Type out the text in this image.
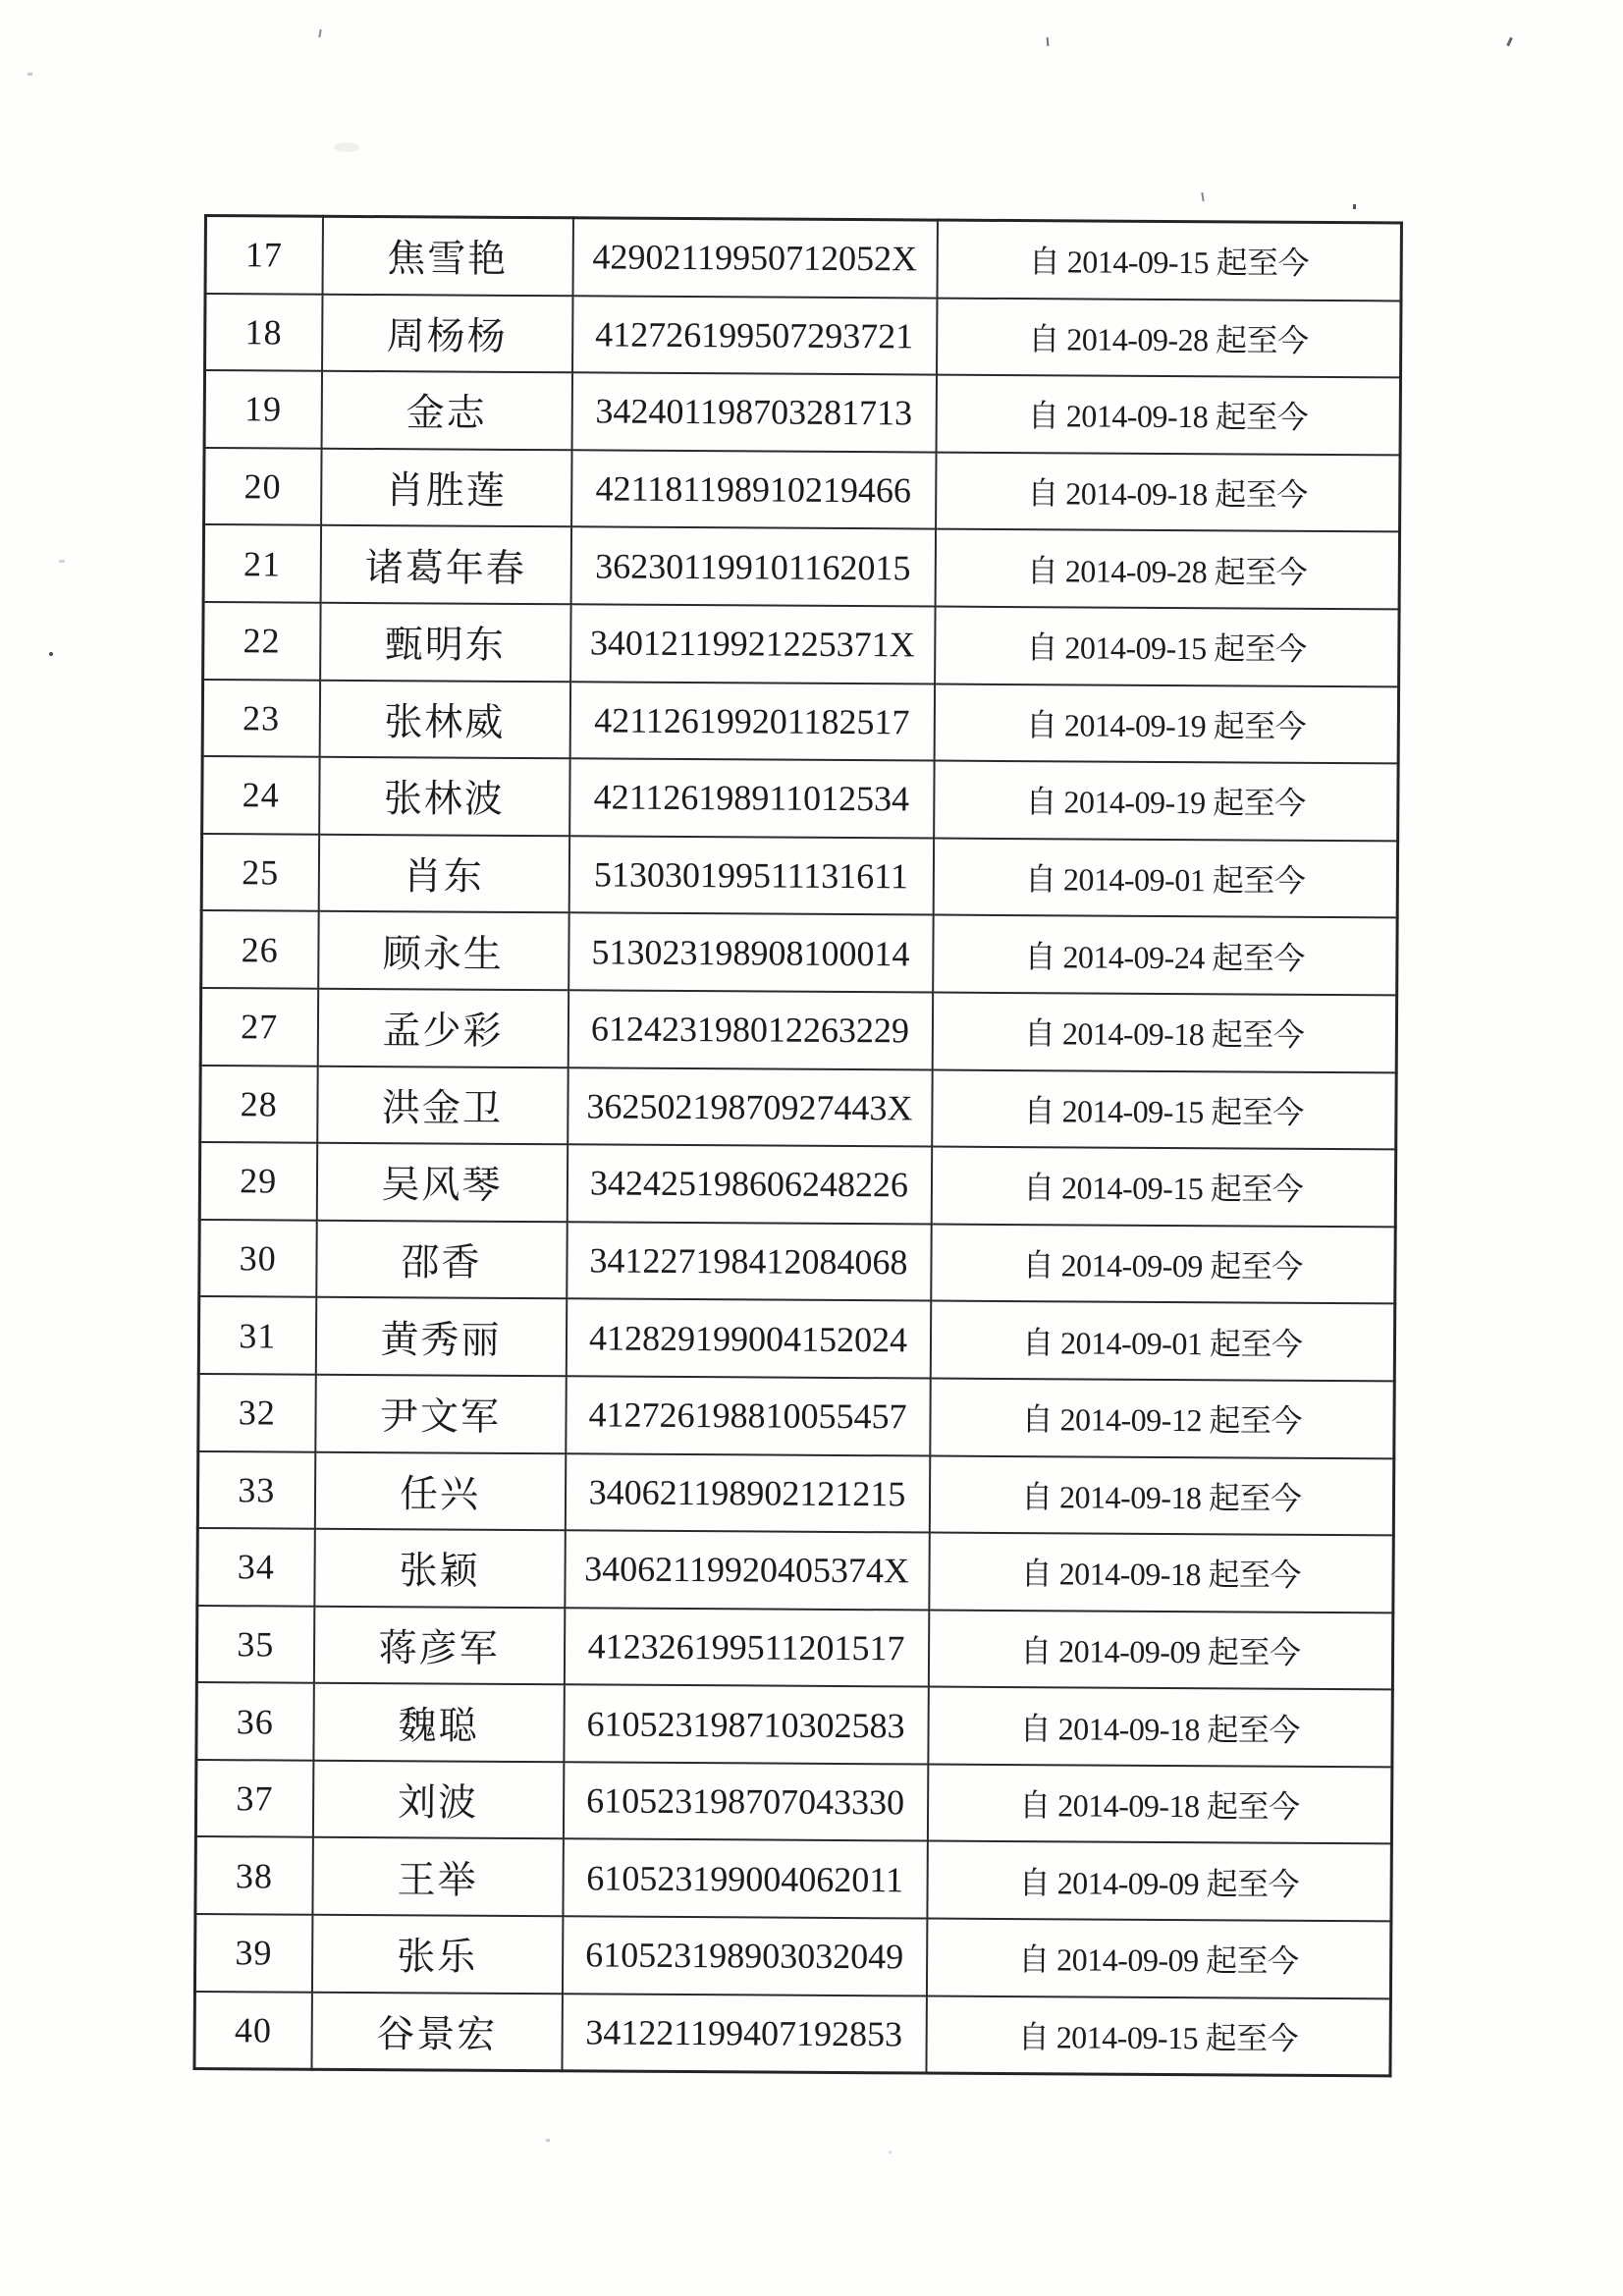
17	焦雪艳	42902119950712052X	自 2014-09-15 起至今
18	周杨杨	412726199507293721	自 2014-09-28 起至今
19	金志	342401198703281713	自 2014-09-18 起至今
20	肖胜莲	421181198910219466	自 2014-09-18 起至今
21	诸葛年春	362301199101162015	自 2014-09-28 起至今
22	甄明东	34012119921225371X	自 2014-09-15 起至今
23	张林威	421126199201182517	自 2014-09-19 起至今
24	张林波	421126198911012534	自 2014-09-19 起至今
25	肖东	513030199511131611	自 2014-09-01 起至今
26	顾永生	513023198908100014	自 2014-09-24 起至今
27	孟少彩	612423198012263229	自 2014-09-18 起至今
28	洪金卫	36250219870927443X	自 2014-09-15 起至今
29	吴风琴	342425198606248226	自 2014-09-15 起至今
30	邵香	341227198412084068	自 2014-09-09 起至今
31	黄秀丽	412829199004152024	自 2014-09-01 起至今
32	尹文军	412726198810055457	自 2014-09-12 起至今
33	任兴	340621198902121215	自 2014-09-18 起至今
34	张颖	34062119920405374X	自 2014-09-18 起至今
35	蒋彦军	412326199511201517	自 2014-09-09 起至今
36	魏聪	610523198710302583	自 2014-09-18 起至今
37	刘波	610523198707043330	自 2014-09-18 起至今
38	王举	610523199004062011	自 2014-09-09 起至今
39	张乐	610523198903032049	自 2014-09-09 起至今
40	谷景宏	341221199407192853	自 2014-09-15 起至今
